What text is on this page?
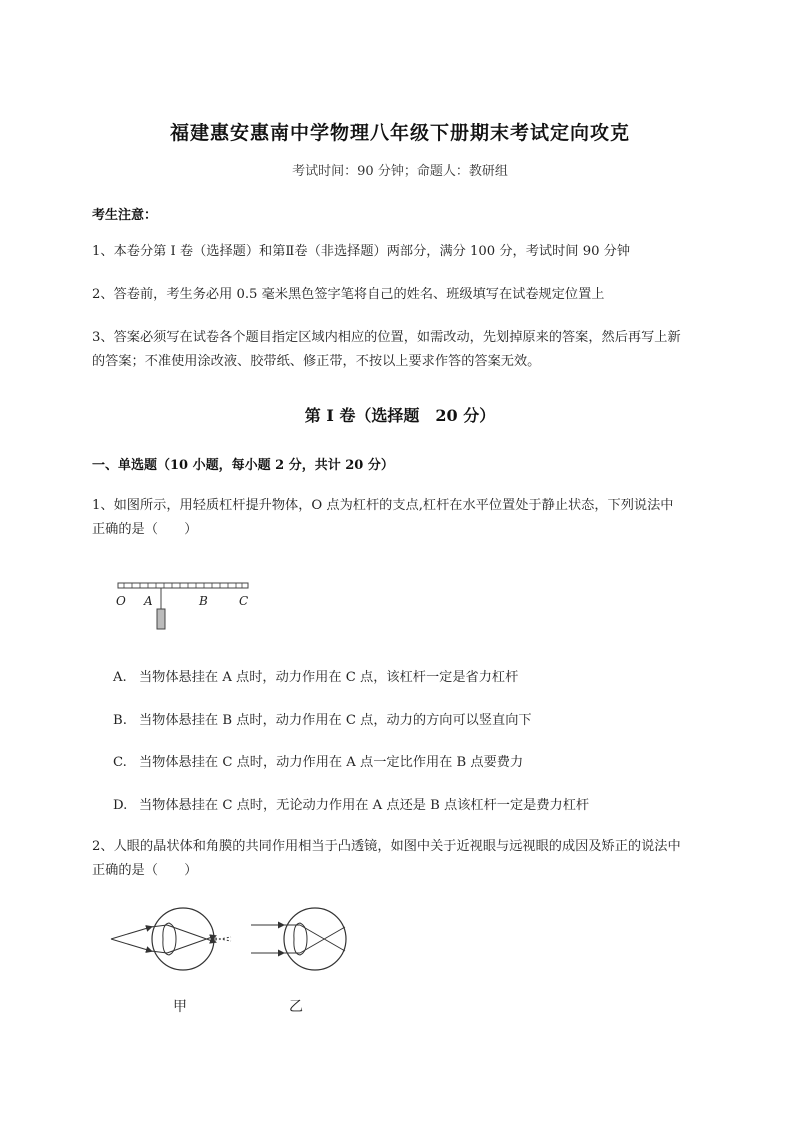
福建惠安惠南中学物理八年级下册期末考试定向攻克
考试时间：90 分钟；命题人：教研组
考生注意：
1、本卷分第 I 卷（选择题）和第Ⅱ卷（非选择题）两部分，满分 100 分，考试时间 90 分钟
2、答卷前，考生务必用 0.5 毫米黑色签字笔将自己的姓名、班级填写在试卷规定位置上
3、答案必须写在试卷各个题目指定区域内相应的位置，如需改动，先划掉原来的答案，然后再写上新
的答案；不准使用涂改液、胶带纸、修正带，不按以上要求作答的答案无效。
第 I 卷（选择题　20 分）
一、单选题（10 小题，每小题 2 分，共计 20 分）
1、如图所示，用轻质杠杆提升物体，O 点为杠杆的支点,杠杆在水平位置处于静止状态，下列说法中
正确的是（　　）
O A	B	C
A. 当物体悬挂在 A 点时，动力作用在 C 点，该杠杆一定是省力杠杆
B. 当物体悬挂在 B 点时，动力作用在 C 点，动力的方向可以竖直向下
C. 当物体悬挂在 C 点时，动力作用在 A 点一定比作用在 B 点要费力
D. 当物体悬挂在 C 点时，无论动力作用在 A 点还是 B 点该杠杆一定是费力杠杆
2、人眼的晶状体和角膜的共同作用相当于凸透镜，如图中关于近视眼与远视眼的成因及矫正的说法中
正确的是（　　）
甲	乙
